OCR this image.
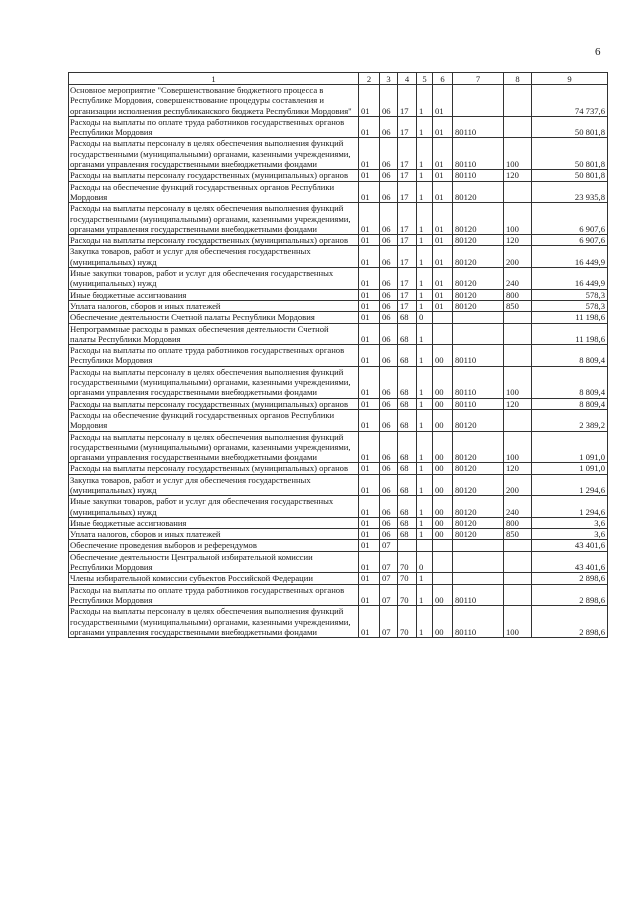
6
1	2	3	4	5	6	7	8	9
Основное мероприятие "Совершенствование бюджетного процесса в Республике Мордовия, совершенствование процедуры составления и организации исполнения республиканского бюджета Республики Мордовия"	01	06	17	1	01			74 737,6
Расходы на выплаты по оплате труда работников государственных органов Республики Мордовия	01	06	17	1	01	80110		50 801,8
Расходы на выплаты персоналу в целях обеспечения выполнения функций государственными (муниципальными) органами, казенными учреждениями, органами управления государственными внебюджетными фондами	01	06	17	1	01	80110	100	50 801,8
Расходы на выплаты персоналу государственных (муниципальных) органов	01	06	17	1	01	80110	120	50 801,8
Расходы на обеспечение функций государственных органов Республики Мордовия	01	06	17	1	01	80120		23 935,8
Расходы на выплаты персоналу в целях обеспечения выполнения функций государственными (муниципальными) органами, казенными учреждениями, органами управления государственными внебюджетными фондами	01	06	17	1	01	80120	100	6 907,6
Расходы на выплаты персоналу государственных (муниципальных) органов	01	06	17	1	01	80120	120	6 907,6
Закупка товаров, работ и услуг для обеспечения государственных (муниципальных) нужд	01	06	17	1	01	80120	200	16 449,9
Иные закупки товаров, работ и услуг для обеспечения государственных (муниципальных) нужд	01	06	17	1	01	80120	240	16 449,9
Иные бюджетные ассигнования	01	06	17	1	01	80120	800	578,3
Уплата налогов, сборов и иных платежей	01	06	17	1	01	80120	850	578,3
Обеспечение деятельности Счетной палаты Республики Мордовия	01	06	68	0				11 198,6
Непрограммные расходы в рамках обеспечения деятельности Счетной палаты Республики Мордовия	01	06	68	1				11 198,6
Расходы на выплаты по оплате труда работников государственных органов Республики Мордовия	01	06	68	1	00	80110		8 809,4
Расходы на выплаты персоналу в целях обеспечения выполнения функций государственными (муниципальными) органами, казенными учреждениями, органами управления государственными внебюджетными фондами	01	06	68	1	00	80110	100	8 809,4
Расходы на выплаты персоналу государственных (муниципальных) органов	01	06	68	1	00	80110	120	8 809,4
Расходы на обеспечение функций государственных органов Республики Мордовия	01	06	68	1	00	80120		2 389,2
Расходы на выплаты персоналу в целях обеспечения выполнения функций государственными (муниципальными) органами, казенными учреждениями, органами управления государственными внебюджетными фондами	01	06	68	1	00	80120	100	1 091,0
Расходы на выплаты персоналу государственных (муниципальных) органов	01	06	68	1	00	80120	120	1 091,0
Закупка товаров, работ и услуг для обеспечения государственных (муниципальных) нужд	01	06	68	1	00	80120	200	1 294,6
Иные закупки товаров, работ и услуг для обеспечения государственных (муниципальных) нужд	01	06	68	1	00	80120	240	1 294,6
Иные бюджетные ассигнования	01	06	68	1	00	80120	800	3,6
Уплата налогов, сборов и иных платежей	01	06	68	1	00	80120	850	3,6
Обеспечение проведения выборов и референдумов	01	07						43 401,6
Обеспечение деятельности Центральной избирательной комиссии Республики Мордовия	01	07	70	0				43 401,6
Члены избирательной комиссии субъектов Российской Федерации	01	07	70	1				2 898,6
Расходы на выплаты по оплате труда работников государственных органов Республики Мордовия	01	07	70	1	00	80110		2 898,6
Расходы на выплаты персоналу в целях обеспечения выполнения функций государственными (муниципальными) органами, казенными учреждениями, органами управления государственными внебюджетными фондами	01	07	70	1	00	80110	100	2 898,6
